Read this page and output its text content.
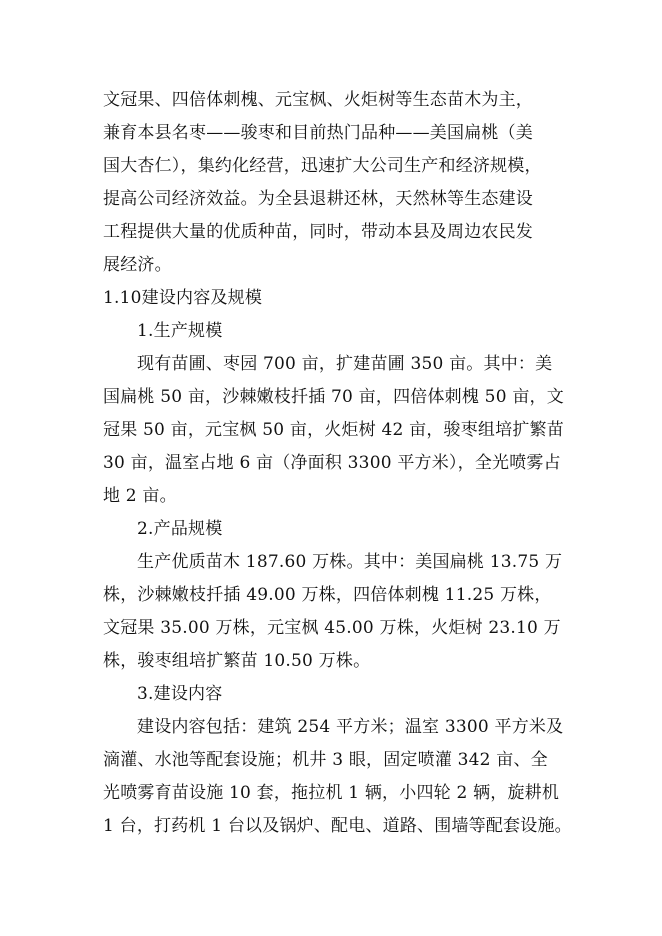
文冠果、四倍体刺槐、元宝枫、火炬树等生态苗木为主，
兼育本县名枣——骏枣和目前热门品种——美国扁桃（美
国大杏仁），集约化经营，迅速扩大公司生产和经济规模，
提高公司经济效益。为全县退耕还林，天然林等生态建设
工程提供大量的优质种苗，同时，带动本县及周边农民发
展经济。
1.10建设内容及规模
1.生产规模
现有苗圃、枣园 700 亩，扩建苗圃 350 亩。其中：美
国扁桃 50 亩，沙棘嫩枝扦插 70 亩，四倍体刺槐 50 亩，文
冠果 50 亩，元宝枫 50 亩，火炬树 42 亩，骏枣组培扩繁苗
30 亩，温室占地 6 亩（净面积 3300 平方米），全光喷雾占
地 2 亩。
2.产品规模
生产优质苗木 187.60 万株。其中：美国扁桃 13.75 万
株，沙棘嫩枝扦插 49.00 万株，四倍体刺槐 11.25 万株，
文冠果 35.00 万株，元宝枫 45.00 万株，火炬树 23.10 万
株，骏枣组培扩繁苗 10.50 万株。
3.建设内容
建设内容包括：建筑 254 平方米；温室 3300 平方米及
滴灌、水池等配套设施；机井 3 眼，固定喷灌 342 亩、全
光喷雾育苗设施 10 套，拖拉机 1 辆，小四轮 2 辆，旋耕机
1 台，打药机 1 台以及锅炉、配电、道路、围墙等配套设施。
